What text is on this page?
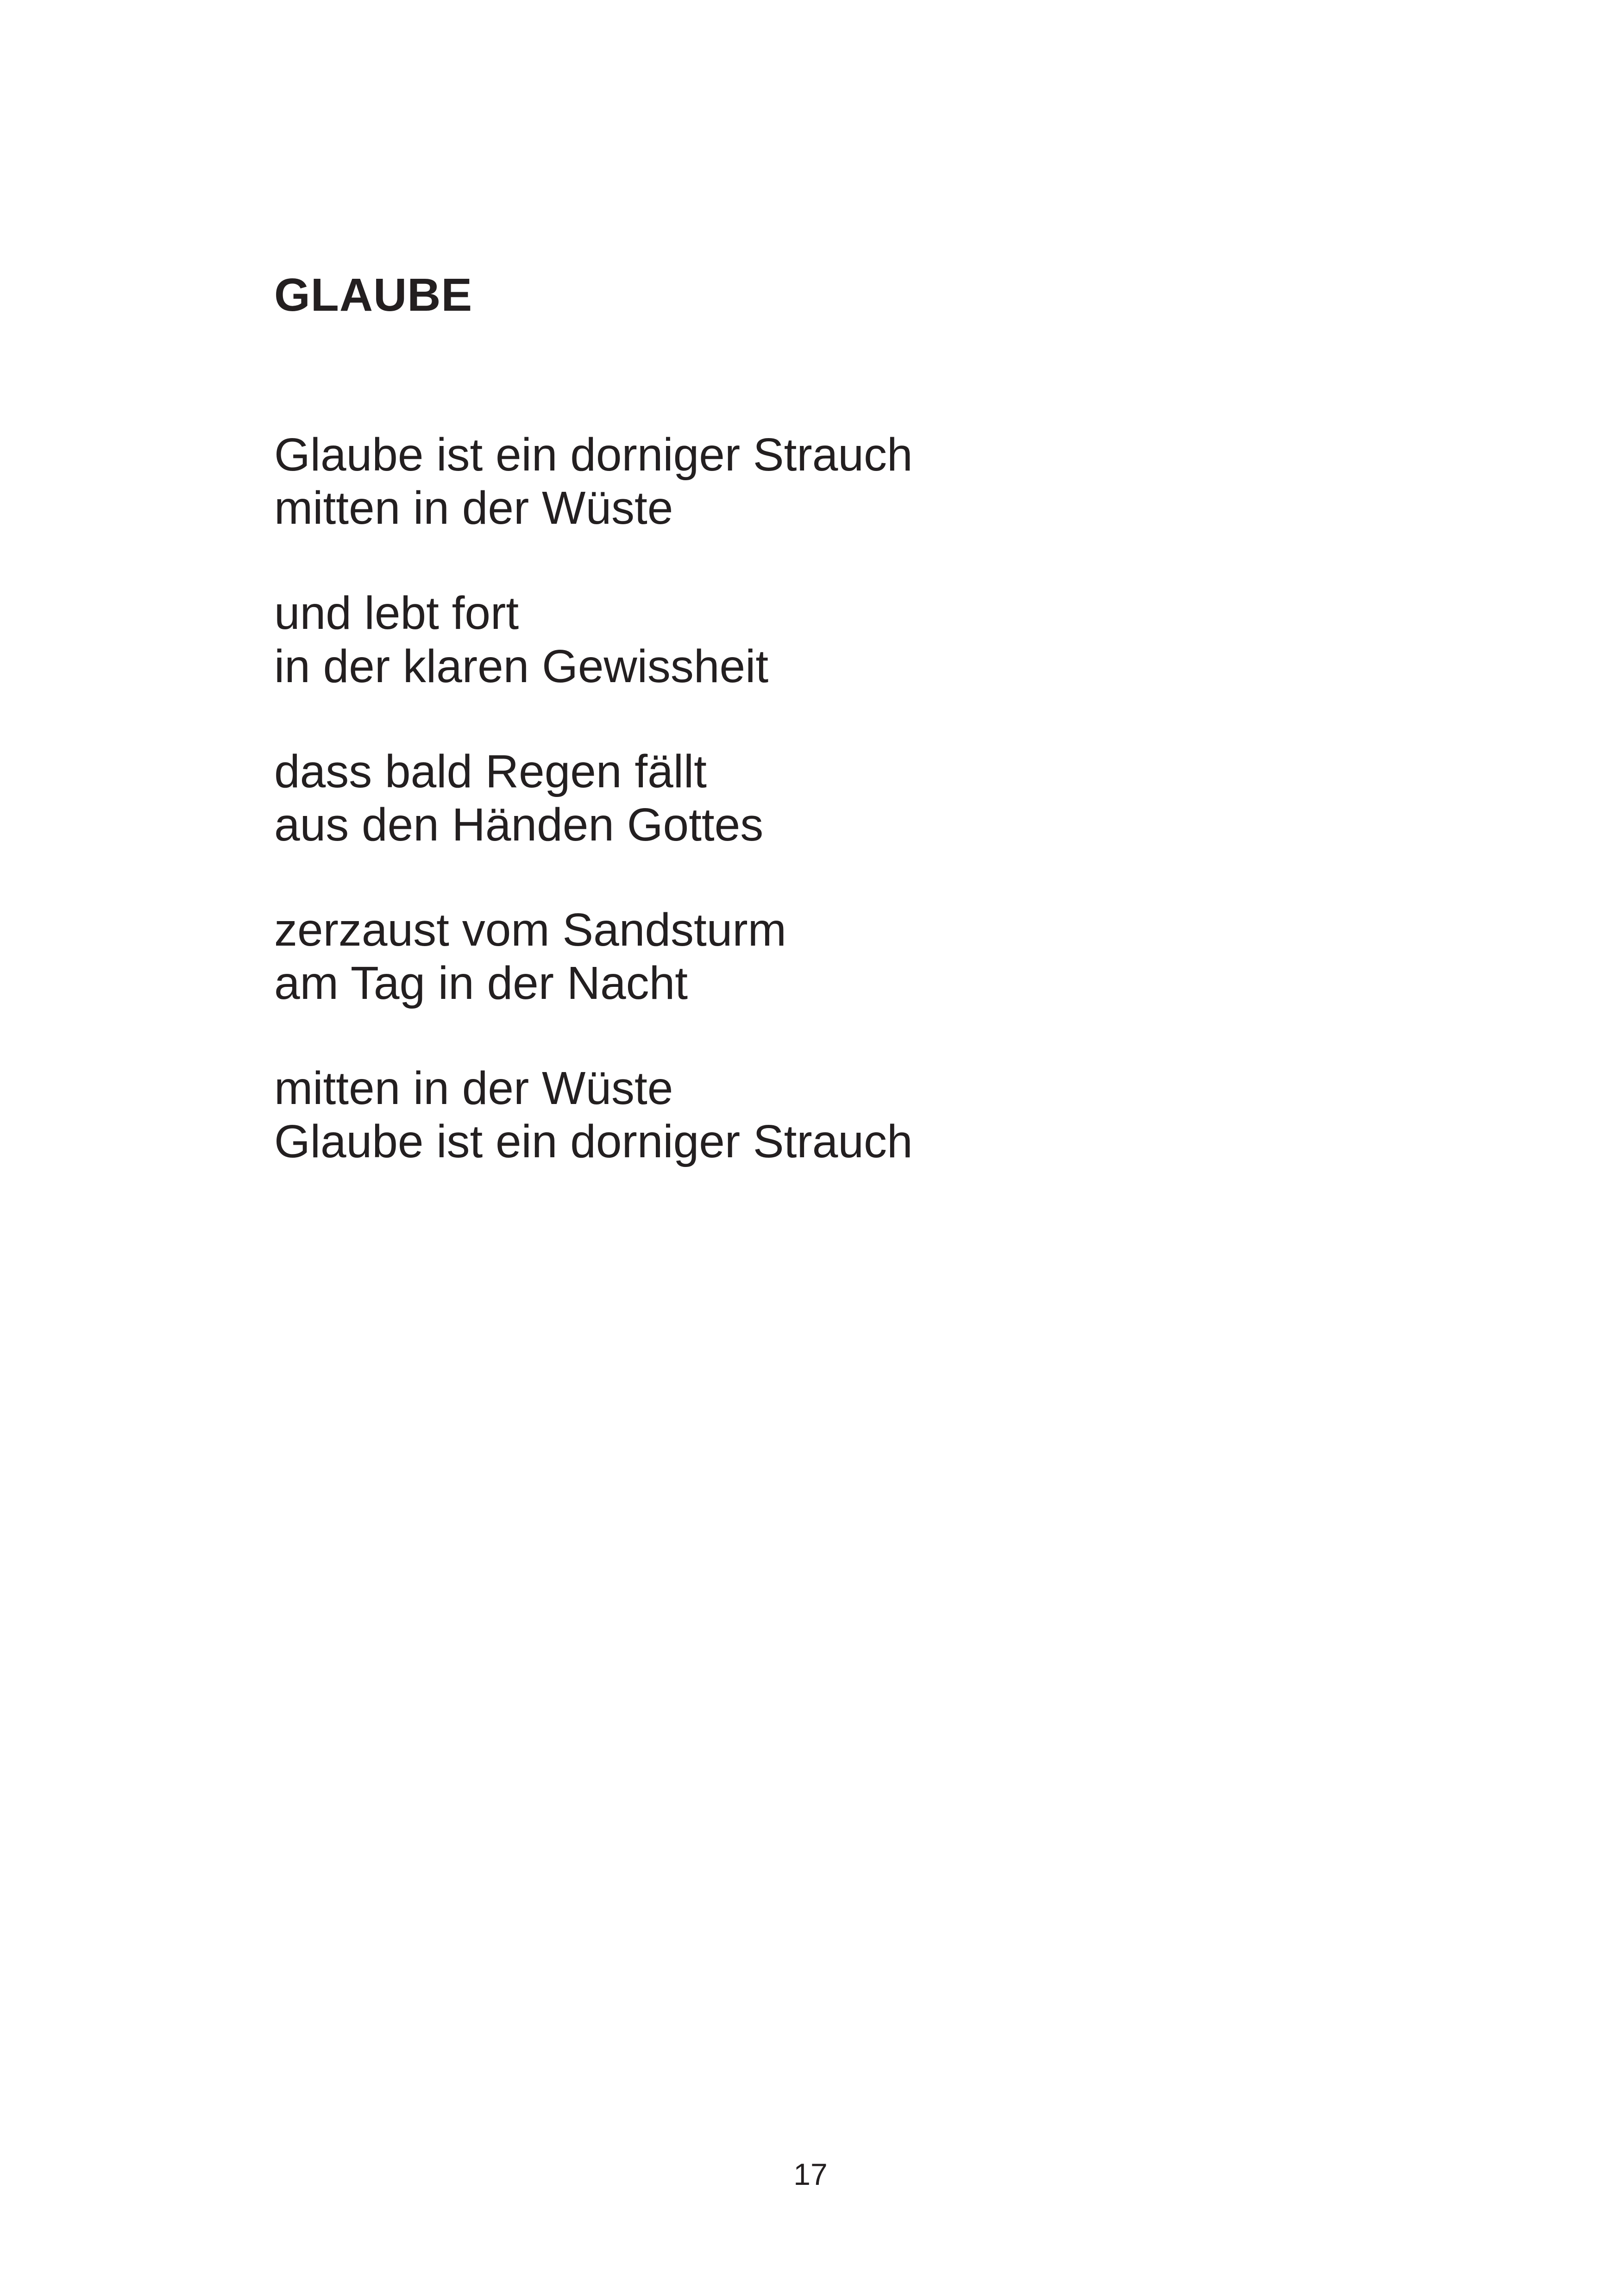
GLAUBE

Glaube ist ein dorniger Strauch
mitten in der Wüste

und lebt fort
in der klaren Gewissheit

dass bald Regen fällt
aus den Händen Gottes

zerzaust vom Sandsturm
am Tag in der Nacht

mitten in der Wüste
Glaube ist ein dorniger Strauch

17
